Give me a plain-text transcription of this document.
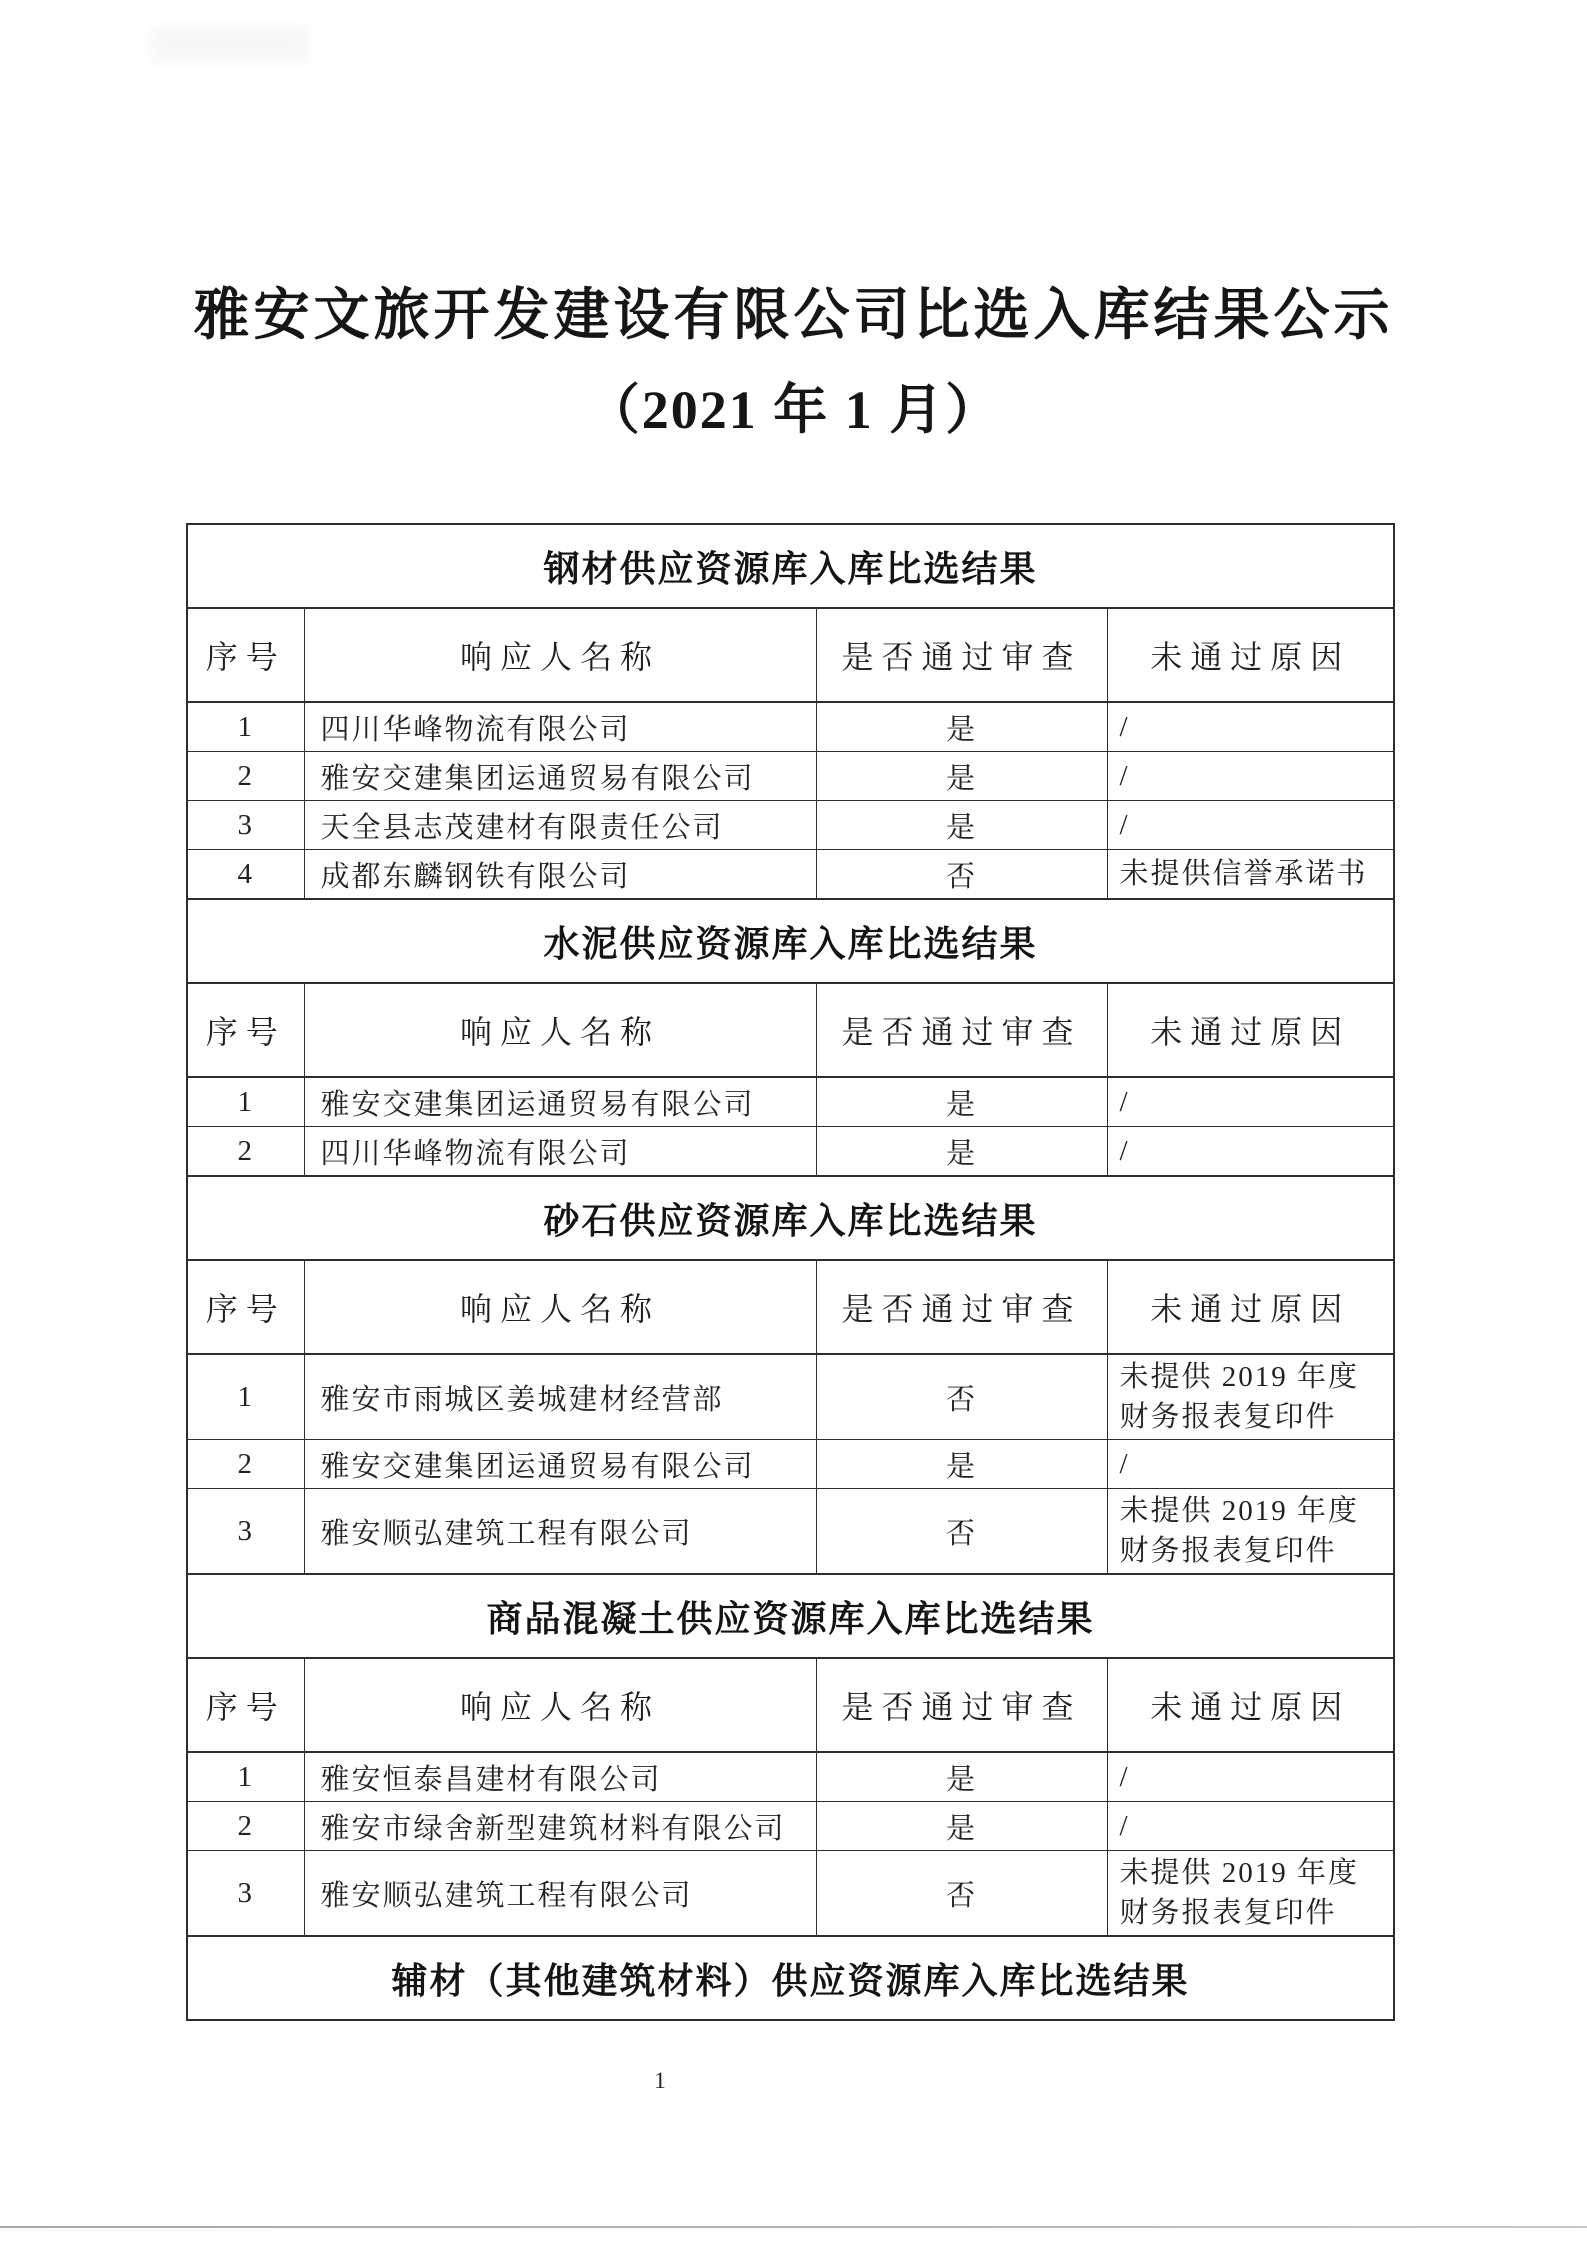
雅安文旅开发建设有限公司比选入库结果公示
（2021 年 1 月）
钢材供应资源库入库比选结果			
序号	响应人名称	是否通过审查	未通过原因
1	四川华峰物流有限公司	是	/
2	雅安交建集团运通贸易有限公司	是	/
3	天全县志茂建材有限责任公司	是	/
4	成都东麟钢铁有限公司	否	未提供信誉承诺书
水泥供应资源库入库比选结果			
序号	响应人名称	是否通过审查	未通过原因
1	雅安交建集团运通贸易有限公司	是	/
2	四川华峰物流有限公司	是	/
砂石供应资源库入库比选结果			
序号	响应人名称	是否通过审查	未通过原因
1	雅安市雨城区姜城建材经营部	否	未提供 2019 年度财务报表复印件
2	雅安交建集团运通贸易有限公司	是	/
3	雅安顺弘建筑工程有限公司	否	未提供 2019 年度财务报表复印件
商品混凝土供应资源库入库比选结果			
序号	响应人名称	是否通过审查	未通过原因
1	雅安恒泰昌建材有限公司	是	/
2	雅安市绿舍新型建筑材料有限公司	是	/
3	雅安顺弘建筑工程有限公司	否	未提供 2019 年度财务报表复印件
辅材（其他建筑材料）供应资源库入库比选结果			
1
